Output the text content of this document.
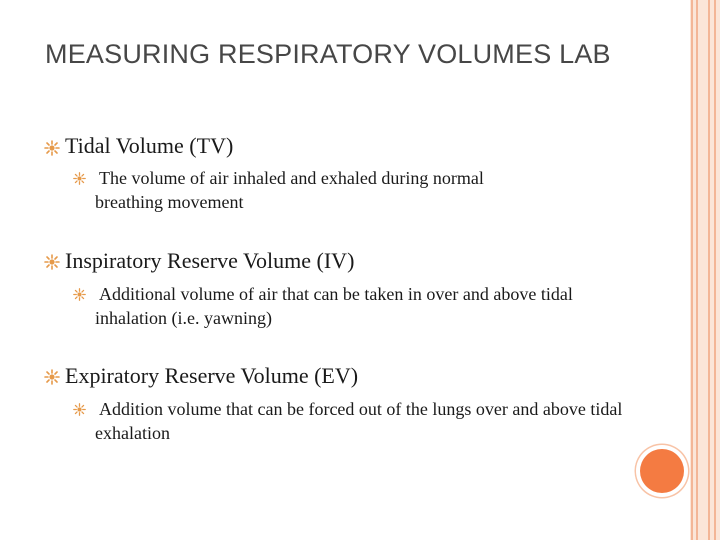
MEASURING RESPIRATORY VOLUMES LAB
Tidal Volume (TV)
The volume of air inhaled and exhaled during normal breathing movement
Inspiratory Reserve Volume (IV)
Additional volume of air that can be taken in over and above tidal inhalation (i.e. yawning)
Expiratory Reserve Volume (EV)
Addition volume that can be forced out of the lungs over and above tidal exhalation
